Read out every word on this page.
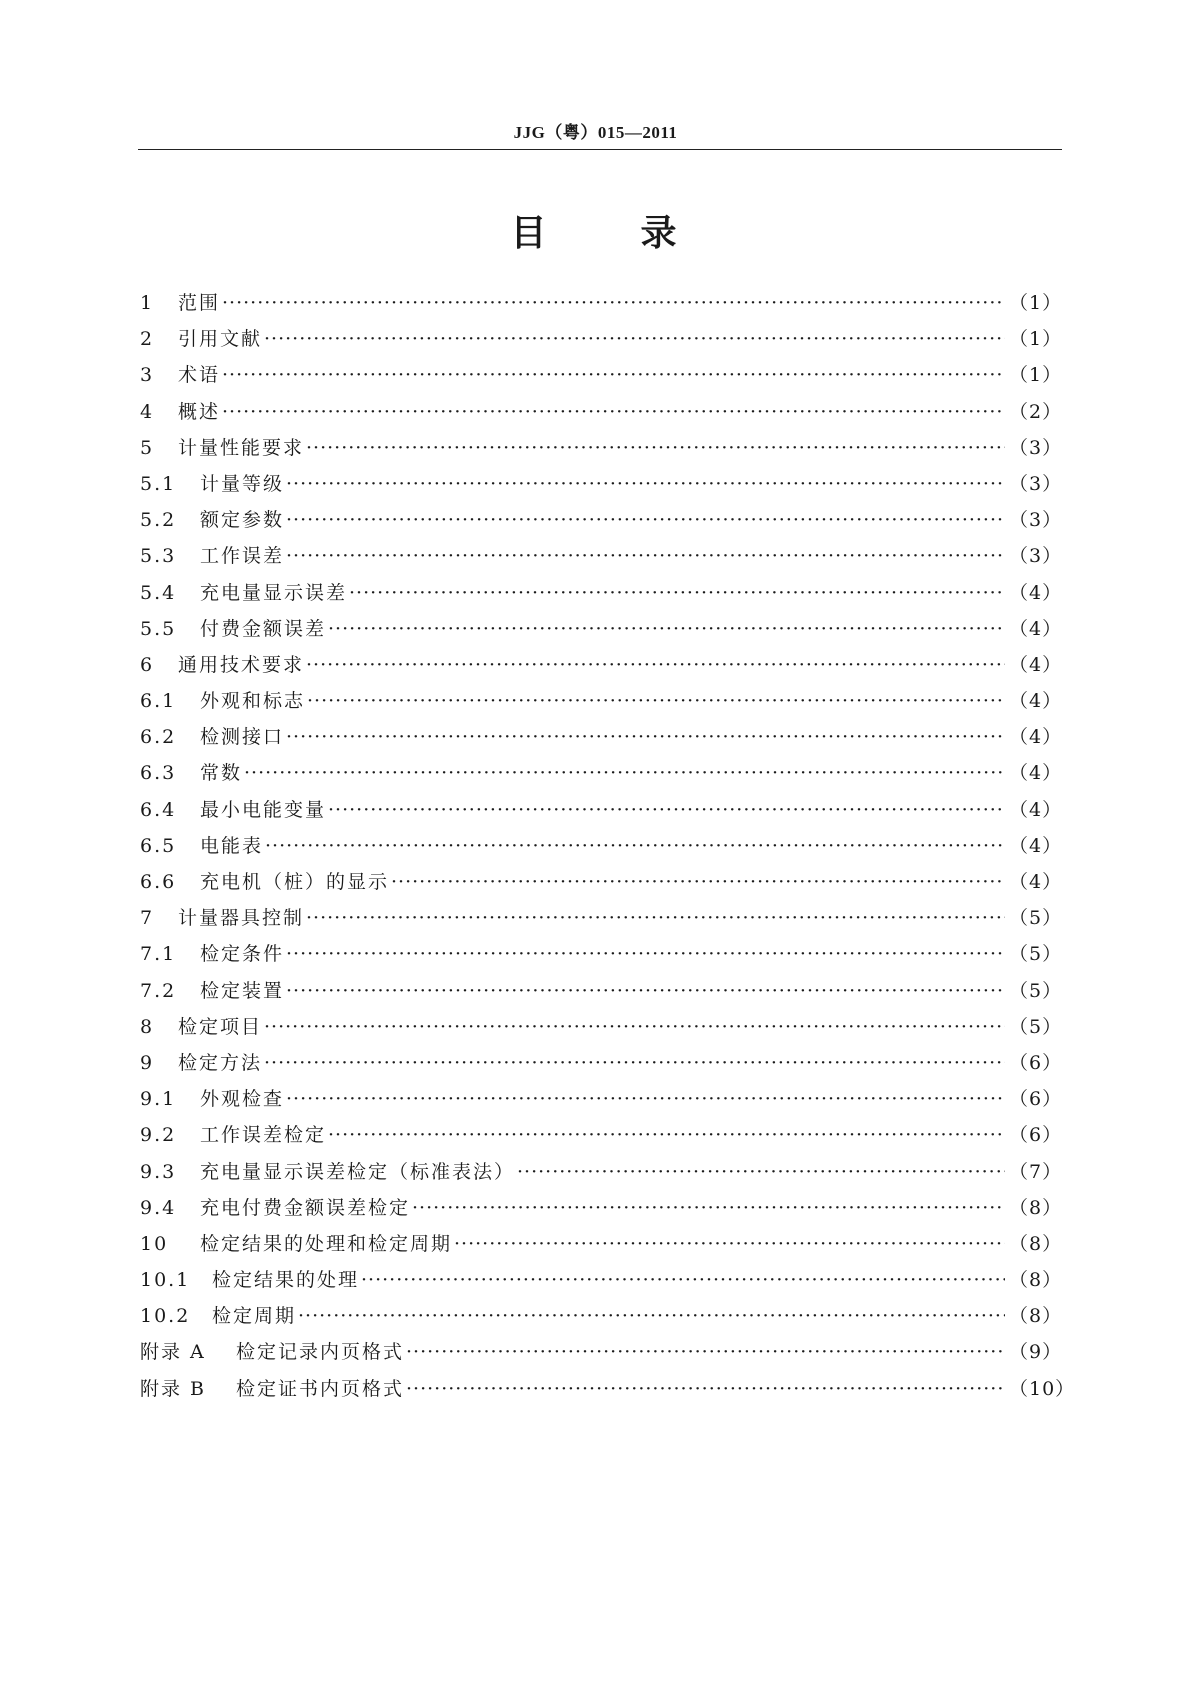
JJG（粤）015—2011
目	录
1	范围 ·····	（1）
2	引用文献 ·····	（1）
3	术语 ·····	（1）
4	概述 ·····	（2）
5	计量性能要求 ·····	（3）
5.1	计量等级 ·····	（3）
5.2	额定参数 ·····	（3）
5.3	工作误差 ·····	（3）
5.4	充电量显示误差 ·····	（4）
5.5	付费金额误差 ·····	（4）
6	通用技术要求 ·····	（4）
6.1	外观和标志 ·····	（4）
6.2	检测接口 ·····	（4）
6.3	常数 ·····	（4）
6.4	最小电能变量 ·····	（4）
6.5	电能表 ·····	（4）
6.6	充电机（桩）的显示 ·····	（4）
7	计量器具控制 ·····	（5）
7.1	检定条件 ·····	（5）
7.2	检定装置 ·····	（5）
8	检定项目 ·····	（5）
9	检定方法 ·····	（6）
9.1	外观检查 ·····	（6）
9.2	工作误差检定 ·····	（6）
9.3	充电量显示误差检定（标准表法） ·····	（7）
9.4	充电付费金额误差检定 ·····	（8）
10	检定结果的处理和检定周期 ·····	（8）
10.1	检定结果的处理 ·····	（8）
10.2	检定周期 ·····	（8）
附录 A	检定记录内页格式 ·····	（9）
附录 B	检定证书内页格式 ·····	（10）
